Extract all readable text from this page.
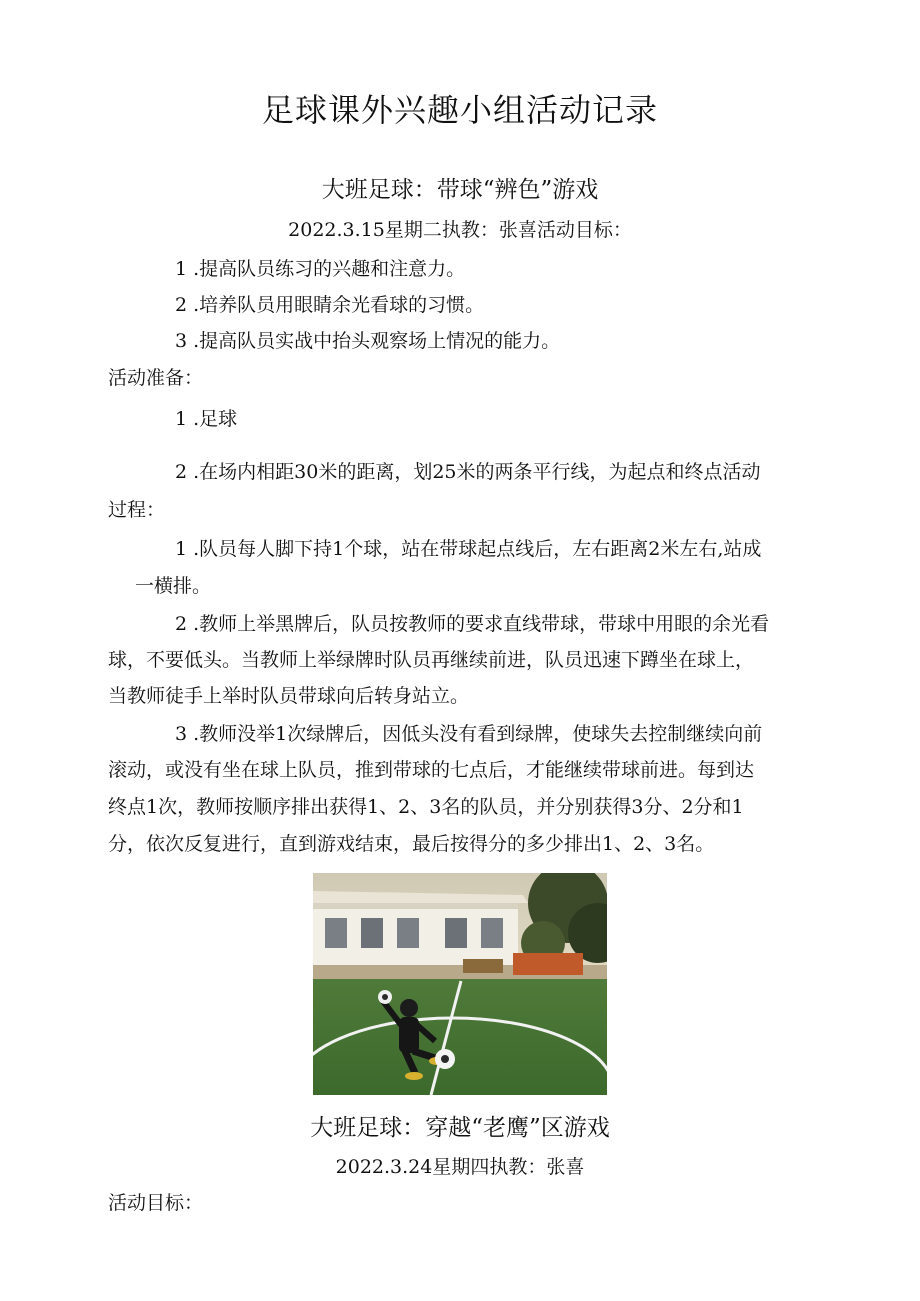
足球课外兴趣小组活动记录
大班足球：带球“辨色”游戏
2022.3.15星期二执教：张喜活动目标：
1 .提高队员练习的兴趣和注意力。
2 .培养队员用眼睛余光看球的习惯。
3 .提高队员实战中抬头观察场上情况的能力。
活动准备：
1 .足球
2 .在场内相距30米的距离，划25米的两条平行线，为起点和终点活动
过程：
1 .队员每人脚下持1个球，站在带球起点线后，左右距离2米左右,站成
一横排。
2 .教师上举黑牌后，队员按教师的要求直线带球，带球中用眼的余光看
球，不要低头。当教师上举绿牌时队员再继续前进，队员迅速下蹲坐在球上，
当教师徒手上举时队员带球向后转身站立。
3 .教师没举1次绿牌后，因低头没有看到绿牌，使球失去控制继续向前
滚动，或没有坐在球上队员，推到带球的七点后，才能继续带球前进。每到达
终点1次，教师按顺序排出获得1、2、3名的队员，并分别获得3分、2分和1
分，依次反复进行，直到游戏结束，最后按得分的多少排出1、2、3名。
大班足球：穿越“老鹰”区游戏
2022.3.24星期四执教：张喜
活动目标：
